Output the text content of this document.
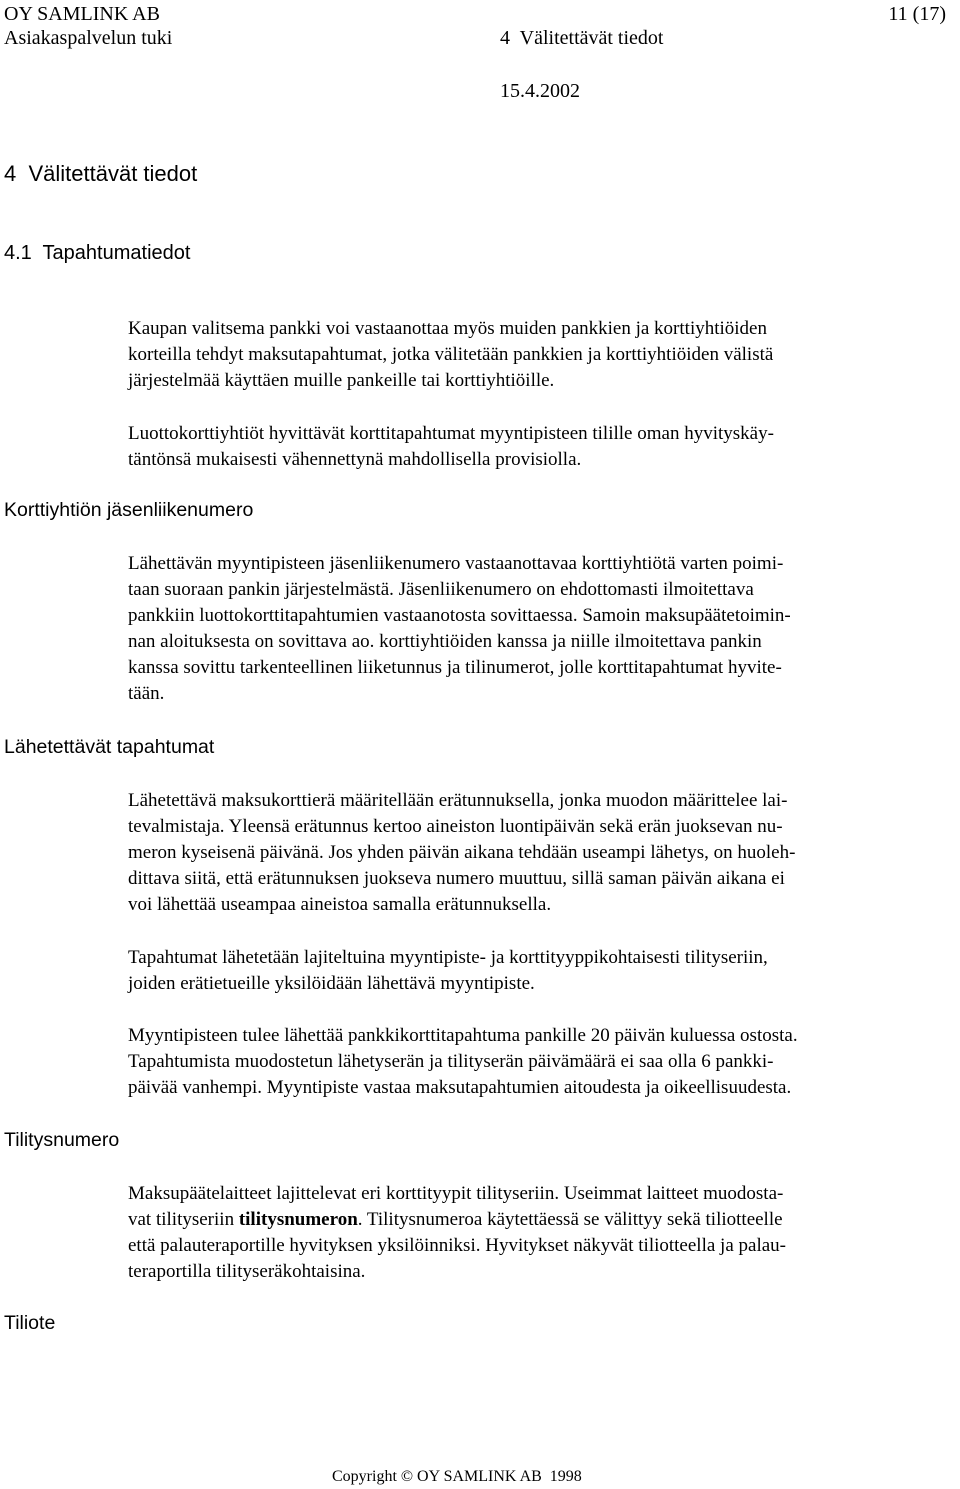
OY SAMLINK AB	11 (17)
Asiakaspalvelun tuki	4  Välitettävät tiedot
15.4.2002
4  Välitettävät tiedot
4.1  Tapahtumatiedot

Kaupan valitsema pankki voi vastaanottaa myös muiden pankkien ja korttiyhtiöiden
korteilla tehdyt maksutapahtumat, jotka välitetään pankkien ja korttiyhtiöiden välistä
järjestelmää käyttäen muille pankeille tai korttiyhtiöille.

Luottokorttiyhtiöt hyvittävät korttitapahtumat myyntipisteen tilille oman hyvityskäy-
täntönsä mukaisesti vähennettynä mahdollisella provisiolla.

Korttiyhtiön jäsenliikenumero

Lähettävän myyntipisteen jäsenliikenumero vastaanottavaa korttiyhtiötä varten poimi-
taan suoraan pankin järjestelmästä. Jäsenliikenumero on ehdottomasti ilmoitettava
pankkiin luottokorttitapahtumien vastaanotosta sovittaessa. Samoin maksupäätetoimin-
nan aloituksesta on sovittava ao. korttiyhtiöiden kanssa ja niille ilmoitettava pankin
kanssa sovittu tarkenteellinen liiketunnus ja tilinumerot, jolle korttitapahtumat hyvite-
tään.

Lähetettävät tapahtumat

Lähetettävä maksukorttierä määritellään erätunnuksella, jonka muodon määrittelee lai-
tevalmistaja. Yleensä erätunnus kertoo aineiston luontipäivän sekä erän juoksevan nu-
meron kyseisenä päivänä. Jos yhden päivän aikana tehdään useampi lähetys, on huoleh-
dittava siitä, että erätunnuksen juokseva numero muuttuu, sillä saman päivän aikana ei
voi lähettää useampaa aineistoa samalla erätunnuksella.

Tapahtumat lähetetään lajiteltuina myyntipiste- ja korttityyppikohtaisesti tilityseriin,
joiden erätietueille yksilöidään lähettävä myyntipiste.

Myyntipisteen tulee lähettää pankkikorttitapahtuma pankille 20 päivän kuluessa ostosta.
Tapahtumista muodostetun lähetyserän ja tilityserän päivämäärä ei saa olla 6 pankki-
päivää vanhempi. Myyntipiste vastaa maksutapahtumien aitoudesta ja oikeellisuudesta.

Tilitysnumero

Maksupäätelaitteet lajittelevat eri korttityypit tilityseriin. Useimmat laitteet muodosta-
vat tilityseriin tilitysnumeron. Tilitysnumeroa käytettäessä se välittyy sekä tiliotteelle
että palauteraportille hyvityksen yksilöinniksi. Hyvitykset näkyvät tiliotteella ja palau-
teraportilla tilityseräkohtaisina.

Tiliote
Copyright © OY SAMLINK AB  1998
